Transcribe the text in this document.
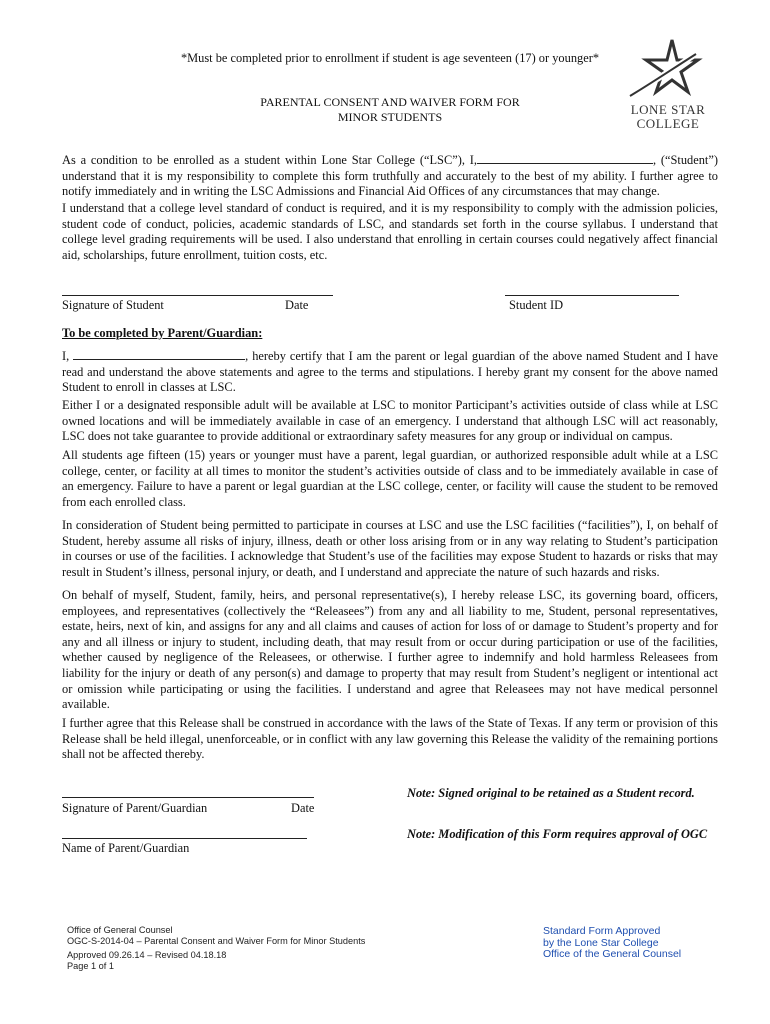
*Must be completed prior to enrollment if student is age seventeen (17) or younger*
PARENTAL CONSENT AND WAIVER FORM FOR
MINOR STUDENTS	LONE STAR
COLLEGE
As a condition to be enrolled as a student within Lone Star College (“LSC”), I,	, (“Student”) understand that it is my responsibility to complete this form truthfully and accurately to the best of my ability. I further agree to notify immediately and in writing the LSC Admissions and Financial Aid Offices of any circumstances that may change.
I understand that a college level standard of conduct is required, and it is my responsibility to comply with the admission policies, student code of conduct, policies, academic standards of LSC, and standards set forth in the course syllabus. I understand that college level grading requirements will be used. I also understand that enrolling in certain courses could negatively affect financial aid, scholarships, future enrollment, tuition costs, etc.
Signature of Student	Date	Student ID
To be completed by Parent/Guardian:
I,	, hereby certify that I am the parent or legal guardian of the above named Student and I have read and understand the above statements and agree to the terms and stipulations. I hereby grant my consent for the above named Student to enroll in classes at LSC.
Either I or a designated responsible adult will be available at LSC to monitor Participant’s activities outside of class while at LSC owned locations and will be immediately available in case of an emergency. I understand that although LSC will act reasonably, LSC does not take guarantee to provide additional or extraordinary safety measures for any group or individual on campus.
All students age fifteen (15) years or younger must have a parent, legal guardian, or authorized responsible adult while at a LSC college, center, or facility at all times to monitor the student’s activities outside of class and to be immediately available in case of an emergency. Failure to have a parent or legal guardian at the LSC college, center, or facility will cause the student to be removed from each enrolled class.
In consideration of Student being permitted to participate in courses at LSC and use the LSC facilities (“facilities”), I, on behalf of Student, hereby assume all risks of injury, illness, death or other loss arising from or in any way relating to Student’s participation in courses or use of the facilities. I acknowledge that Student’s use of the facilities may expose Student to hazards or risks that may result in Student’s illness, personal injury, or death, and I understand and appreciate the nature of such hazards and risks.
On behalf of myself, Student, family, heirs, and personal representative(s), I hereby release LSC, its governing board, officers, employees, and representatives (collectively the “Releasees”) from any and all liability to me, Student, personal representatives, estate, heirs, next of kin, and assigns for any and all claims and causes of action for loss of or damage to Student’s property and for any and all illness or injury to student, including death, that may result from or occur during participation or use of the facilities, whether caused by negligence of the Releasees, or otherwise. I further agree to indemnify and hold harmless Releasees from liability for the injury or death of any person(s) and damage to property that may result from Student’s negligent or intentional act or omission while participating or using the facilities. I understand and agree that Releasees may not have medical personnel available.
I further agree that this Release shall be construed in accordance with the laws of the State of Texas. If any term or provision of this Release shall be held illegal, unenforceable, or in conflict with any law governing this Release the validity of the remaining portions shall not be affected thereby.
Signature of Parent/Guardian	Date
Note: Signed original to be retained as a Student record.
Name of Parent/Guardian
Note: Modification of this Form requires approval of OGC
Office of General Counsel
OGC-S-2014-04 – Parental Consent and Waiver Form for Minor Students
Approved 09.26.14 – Revised 04.18.18
Page 1 of 1
Standard Form Approved
by the Lone Star College
Office of the General Counsel
